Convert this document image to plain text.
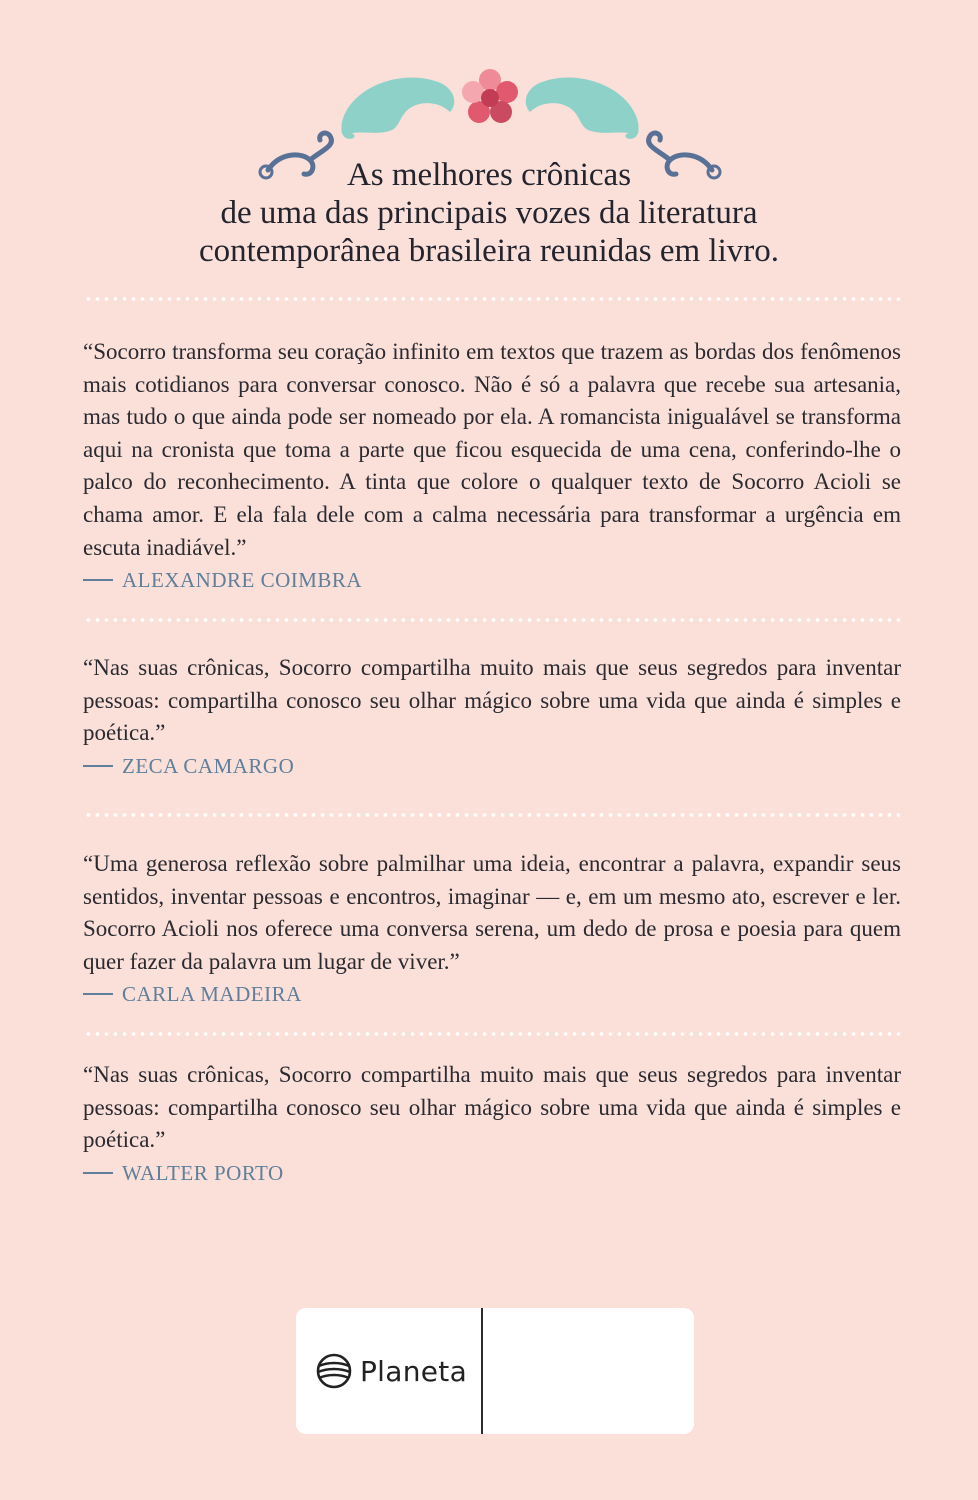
As melhores crônicas
de uma das principais vozes da literatura
contemporânea brasileira reunidas em livro.

“Socorro transforma seu coração infinito em textos que trazem as bordas dos fenômenos mais cotidianos para conversar conosco. Não é só a palavra que recebe sua artesania, mas tudo o que ainda pode ser nomeado por ela. A romancista inigualável se transforma aqui na cronista que toma a parte que ficou esquecida de uma cena, conferindo-lhe o palco do reconhecimento. A tinta que colore o qualquer texto de Socorro Acioli se chama amor. E ela fala dele com a calma necessária para transformar a urgência em escuta inadiável.”

ALEXANDRE COIMBRA

“Nas suas crônicas, Socorro compartilha muito mais que seus segredos para inventar pessoas: compartilha conosco seu olhar mágico sobre uma vida que ainda é simples e poética.”

ZECA CAMARGO

“Uma generosa reflexão sobre palmilhar uma ideia, encontrar a palavra, expandir seus sentidos, inventar pessoas e encontros, imaginar — e, em um mesmo ato, escrever e ler. Socorro Acioli nos oferece uma conversa serena, um dedo de prosa e poesia para quem quer fazer da palavra um lugar de viver.”

CARLA MADEIRA

“Nas suas crônicas, Socorro compartilha muito mais que seus segredos para inventar pessoas: compartilha conosco seu olhar mágico sobre uma vida que ainda é simples e poética.”

WALTER PORTO
Planeta
